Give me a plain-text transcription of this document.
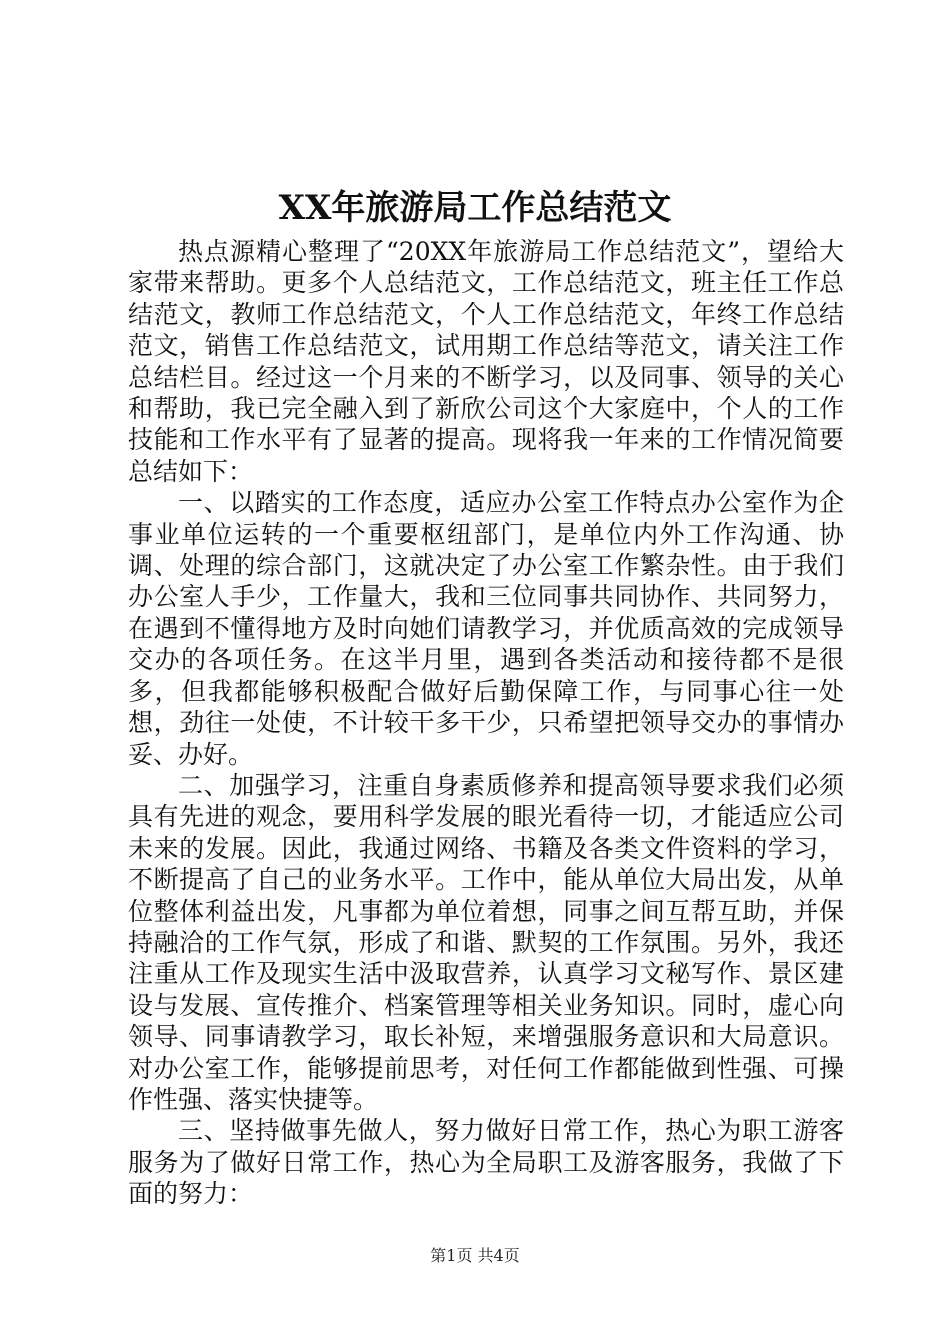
XX年旅游局工作总结范文

热点源精心整理了“20XX年旅游局工作总结范文”，望给大家带来帮助。更多个人总结范文，工作总结范文，班主任工作总结范文，教师工作总结范文，个人工作总结范文，年终工作总结范文，销售工作总结范文，试用期工作总结等范文，请关注工作总结栏目。经过这一个月来的不断学习，以及同事、领导的关心和帮助，我已完全融入到了新欣公司这个大家庭中，个人的工作技能和工作水平有了显著的提高。现将我一年来的工作情况简要总结如下：

一、以踏实的工作态度，适应办公室工作特点办公室作为企事业单位运转的一个重要枢纽部门，是单位内外工作沟通、协调、处理的综合部门，这就决定了办公室工作繁杂性。由于我们办公室人手少，工作量大，我和三位同事共同协作、共同努力，在遇到不懂得地方及时向她们请教学习，并优质高效的完成领导交办的各项任务。在这半月里，遇到各类活动和接待都不是很多，但我都能够积极配合做好后勤保障工作，与同事心往一处想，劲往一处使，不计较干多干少，只希望把领导交办的事情办妥、办好。

二、加强学习，注重自身素质修养和提高领导要求我们必须具有先进的观念，要用科学发展的眼光看待一切，才能适应公司未来的发展。因此，我通过网络、书籍及各类文件资料的学习，不断提高了自己的业务水平。工作中，能从单位大局出发，从单位整体利益出发，凡事都为单位着想，同事之间互帮互助，并保持融洽的工作气氛，形成了和谐、默契的工作氛围。另外，我还注重从工作及现实生活中汲取营养，认真学习文秘写作、景区建设与发展、宣传推介、档案管理等相关业务知识。同时，虚心向领导、同事请教学习，取长补短，来增强服务意识和大局意识。对办公室工作，能够提前思考，对任何工作都能做到性强、可操作性强、落实快捷等。

三、坚持做事先做人，努力做好日常工作，热心为职工游客服务为了做好日常工作，热心为全局职工及游客服务，我做了下面的努力：

第1页 共4页
